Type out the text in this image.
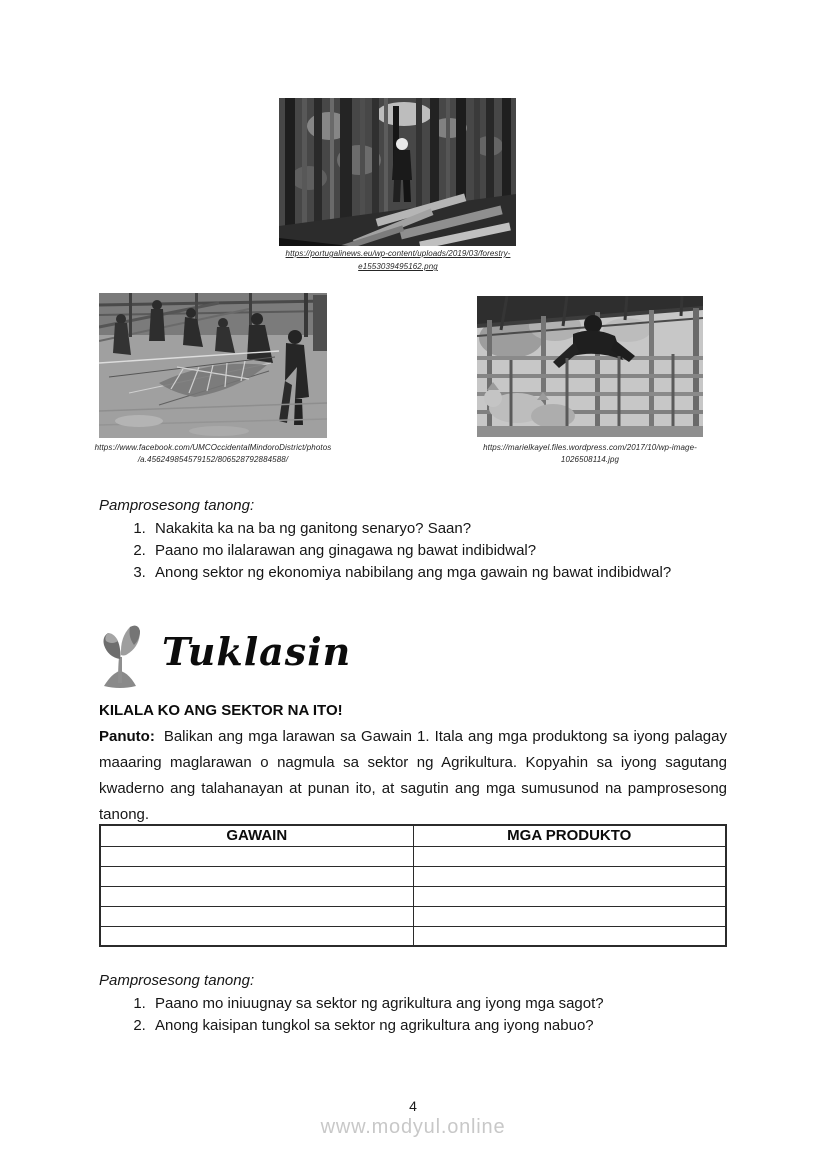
https://portugalinews.eu/wp-content/uploads/2019/03/forestry-
e1553039495162.png
https://www.facebook.com/UMCOccidentalMindoroDistrict/photos
/a.456249854579152/806528792884588/
https://marielkayel.files.wordpress.com/2017/10/wp-image-
1026508114.jpg
Pamprosesong tanong:
1. Nakakita ka na ba ng ganitong senaryo? Saan?
2. Paano mo ilalarawan ang ginagawa ng bawat indibidwal?
3. Anong sektor ng ekonomiya nabibilang ang mga gawain ng bawat indibidwal?
Tuklasin
KILALA KO ANG SEKTOR NA ITO!

Panuto: Balikan ang mga larawan sa Gawain 1. Itala ang mga produktong sa iyong palagay maaaring maglarawan o nagmula sa sektor ng Agrikultura. Kopyahin sa iyong sagutang kwaderno ang talahanayan at punan ito, at sagutin ang mga sumusunod na pamprosesong tanong.

GAWAIN	MGA PRODUKTO

Pamprosesong tanong:
1. Paano mo iniuugnay sa sektor ng agrikultura ang iyong mga sagot?
2. Anong kaisipan tungkol sa sektor ng agrikultura ang iyong nabuo?
4
www.modyul.online
